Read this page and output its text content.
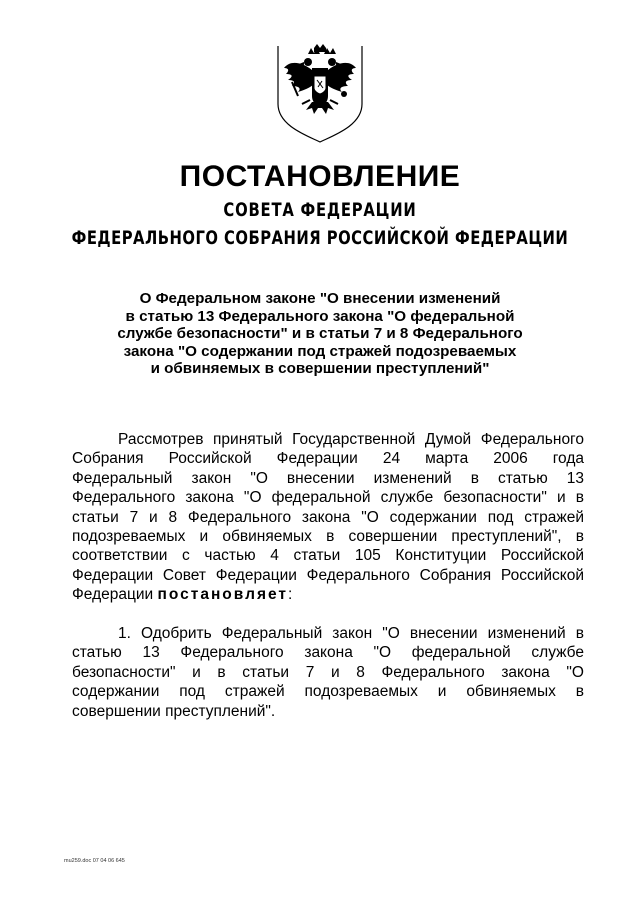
ПОСТАНОВЛЕНИЕ
СОВЕТА ФЕДЕРАЦИИ
ФЕДЕРАЛЬНОГО СОБРАНИЯ РОССИЙСКОЙ ФЕДЕРАЦИИ
О Федеральном законе "О внесении изменений
в статью 13 Федерального закона "О федеральной
службе безопасности" и в статьи 7 и 8 Федерального
закона "О содержании под стражей подозреваемых
и обвиняемых в совершении преступлений"
Рассмотрев принятый Государственной Думой Федерального
Собрания Российской Федерации 24 марта 2006 года
Федеральный закон "О внесении изменений в статью 13
Федерального закона "О федеральной службе безопасности" и в
статьи 7 и 8 Федерального закона "О содержании под стражей
подозреваемых и обвиняемых в совершении преступлений", в
соответствии с частью 4 статьи 105 Конституции Российской
Федерации Совет Федерации Федерального Собрания Российской
Федерации постановляет:
1. Одобрить Федеральный закон "О внесении изменений в
статью 13 Федерального закона "О федеральной службе
безопасности" и в статьи 7 и 8 Федерального закона "О
содержании под стражей подозреваемых и обвиняемых в
совершении преступлений".
mu259.doc 07 04 06 645
